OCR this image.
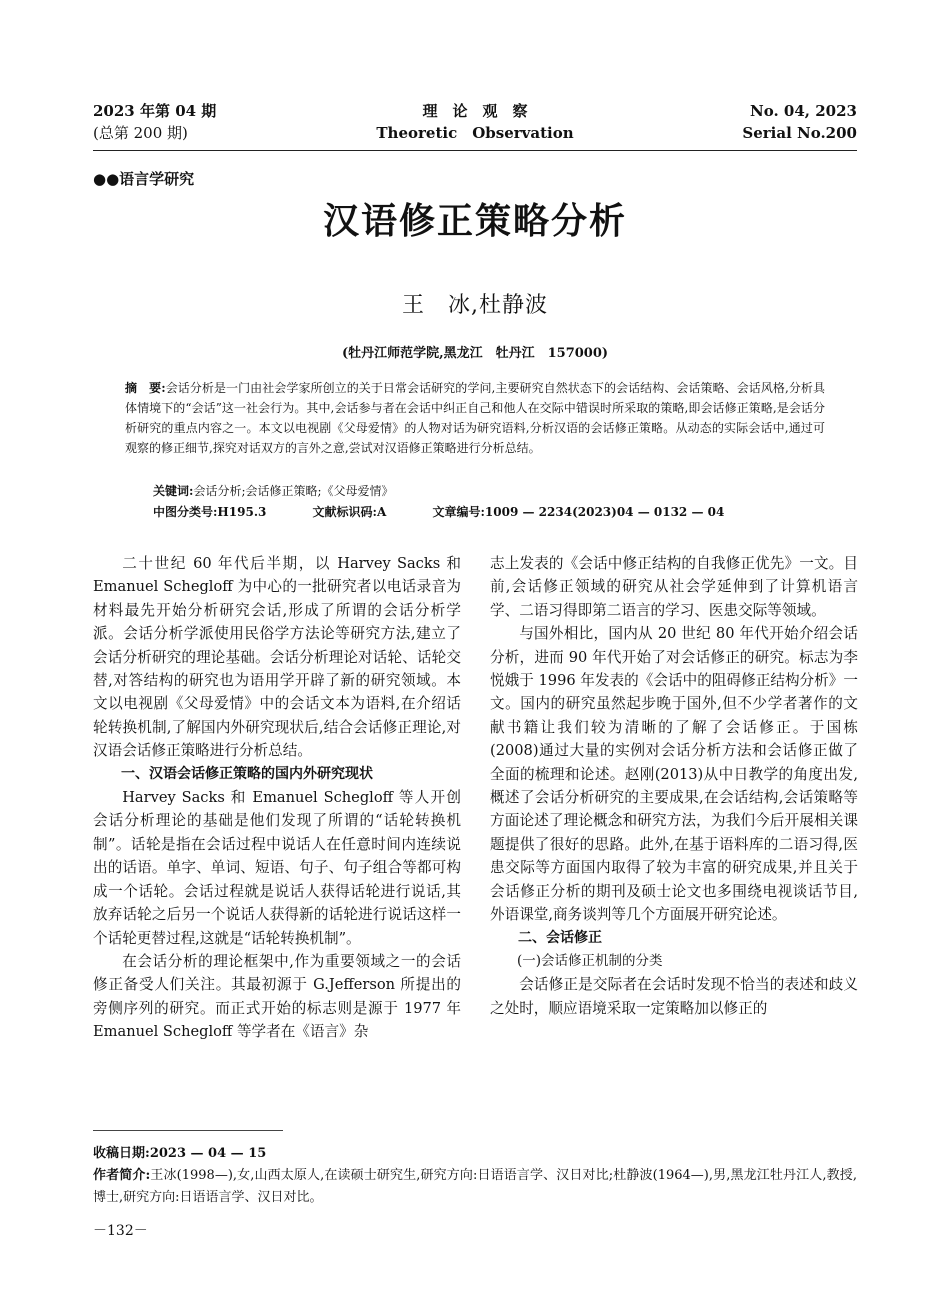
2023 年第 04 期
(总第 200 期)
理　论　观　察
Theoretic　Observation
No. 04, 2023
Serial No.200
●●语言学研究
汉语修正策略分析
王　冰,杜静波
(牡丹江师范学院,黑龙江　牡丹江　157000)
摘　要:会话分析是一门由社会学家所创立的关于日常会话研究的学问,主要研究自然状态下的会话结构、会话策略、会话风格,分析具体情境下的“会话”这一社会行为。其中,会话参与者在会话中纠正自己和他人在交际中错误时所采取的策略,即会话修正策略,是会话分析研究的重点内容之一。本文以电视剧《父母爱情》的人物对话为研究语料,分析汉语的会话修正策略。从动态的实际会话中,通过可观察的修正细节,探究对话双方的言外之意,尝试对汉语修正策略进行分析总结。
关键词:会话分析;会话修正策略;《父母爱情》
中图分类号:H195.3	文献标识码:A	文章编号:1009 — 2234(2023)04 — 0132 — 04

二十世纪 60 年代后半期，以 Harvey Sacks 和 Emanuel Schegloff 为中心的一批研究者以电话录音为材料最先开始分析研究会话,形成了所谓的会话分析学派。会话分析学派使用民俗学方法论等研究方法,建立了会话分析研究的理论基础。会话分析理论对话轮、话轮交替,对答结构的研究也为语用学开辟了新的研究领域。本文以电视剧《父母爱情》中的会话文本为语料,在介绍话轮转换机制,了解国内外研究现状后,结合会话修正理论,对汉语会话修正策略进行分析总结。

一、汉语会话修正策略的国内外研究现状

Harvey Sacks 和 Emanuel Schegloff 等人开创会话分析理论的基础是他们发现了所谓的“话轮转换机制”。话轮是指在会话过程中说话人在任意时间内连续说出的话语。单字、单词、短语、句子、句子组合等都可构成一个话轮。会话过程就是说话人获得话轮进行说话,其放弃话轮之后另一个说话人获得新的话轮进行说话这样一个话轮更替过程,这就是“话轮转换机制”。

在会话分析的理论框架中,作为重要领域之一的会话修正备受人们关注。其最初源于 G.Jefferson 所提出的旁侧序列的研究。而正式开始的标志则是源于 1977 年 Emanuel Schegloff 等学者在《语言》杂

志上发表的《会话中修正结构的自我修正优先》一文。目前,会话修正领域的研究从社会学延伸到了计算机语言学、二语习得即第二语言的学习、医患交际等领域。

与国外相比，国内从 20 世纪 80 年代开始介绍会话分析，进而 90 年代开始了对会话修正的研究。标志为李悦娥于 1996 年发表的《会话中的阻碍修正结构分析》一文。国内的研究虽然起步晚于国外,但不少学者著作的文献书籍让我们较为清晰的了解了会话修正。于国栋(2008)通过大量的实例对会话分析方法和会话修正做了全面的梳理和论述。赵刚(2013)从中日教学的角度出发,概述了会话分析研究的主要成果,在会话结构,会话策略等方面论述了理论概念和研究方法，为我们今后开展相关课题提供了很好的思路。此外,在基于语料库的二语习得,医患交际等方面国内取得了较为丰富的研究成果,并且关于会话修正分析的期刊及硕士论文也多围绕电视谈话节目,外语课堂,商务谈判等几个方面展开研究论述。

二、会话修正

(一)会话修正机制的分类

会话修正是交际者在会话时发现不恰当的表述和歧义之处时，顺应语境采取一定策略加以修正的

收稿日期:2023 — 04 — 15
作者简介:王冰(1998—),女,山西太原人,在读硕士研究生,研究方向:日语语言学、汉日对比;杜静波(1964—),男,黑龙江牡丹江人,教授,博士,研究方向:日语语言学、汉日对比。
－132－
